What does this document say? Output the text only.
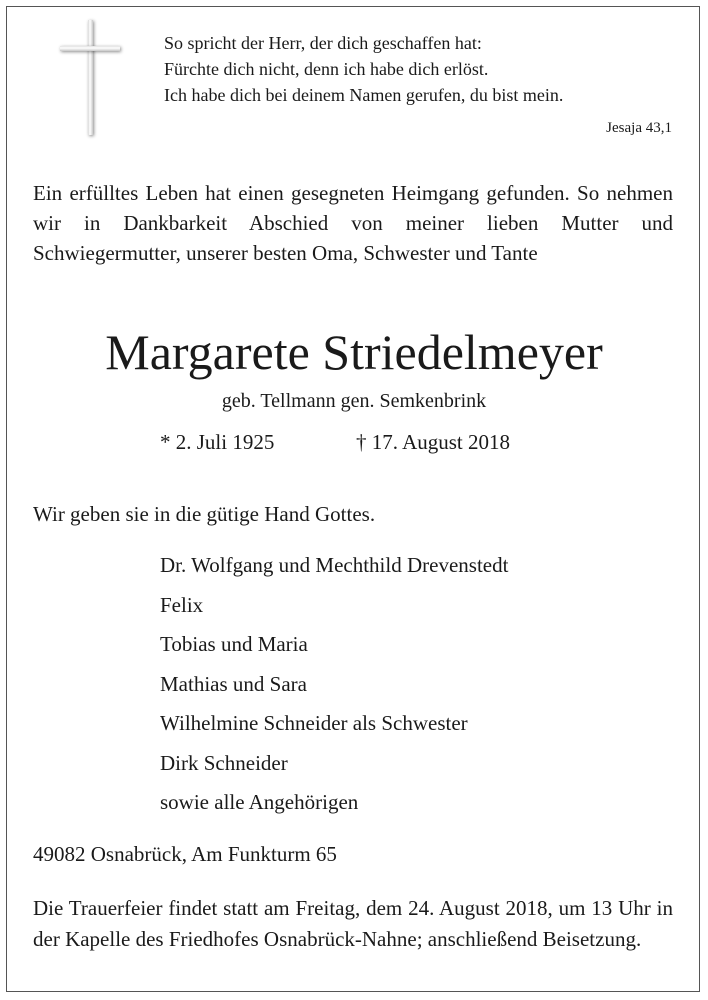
So spricht der Herr, der dich geschaffen hat:
Fürchte dich nicht, denn ich habe dich erlöst.
Ich habe dich bei deinem Namen gerufen, du bist mein.
Jesaja 43,1
Ein erfülltes Leben hat einen gesegneten Heimgang gefunden. So nehmen wir in Dankbarkeit Abschied von meiner lieben Mutter und Schwiegermutter, unserer besten Oma, Schwester und Tante
Margarete Striedelmeyer
geb. Tellmann gen. Semkenbrink
* 2. Juli 1925	† 17. August 2018
Wir geben sie in die gütige Hand Gottes.
Dr. Wolfgang und Mechthild Drevenstedt
Felix
Tobias und Maria
Mathias und Sara
Wilhelmine Schneider als Schwester
Dirk Schneider
sowie alle Angehörigen
49082 Osnabrück, Am Funkturm 65
Die Trauerfeier findet statt am Freitag, dem 24. August 2018, um 13 Uhr in der Kapelle des Friedhofes Osnabrück-Nahne; anschließend Beisetzung.
